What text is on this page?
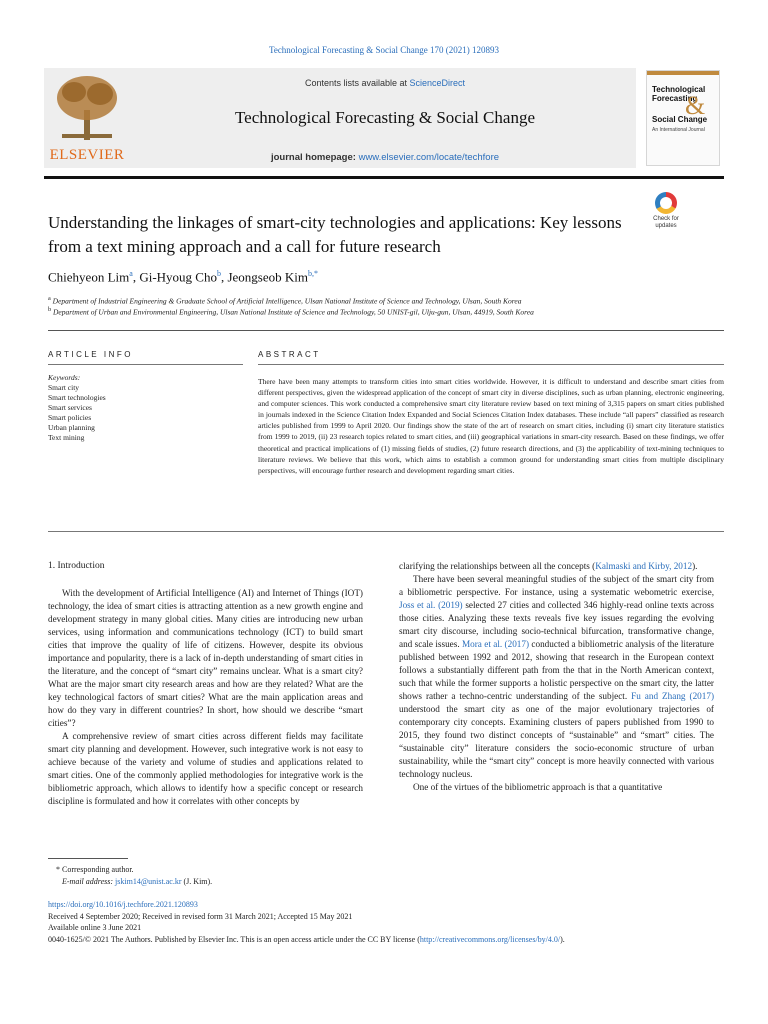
Technological Forecasting & Social Change 170 (2021) 120893
ELSEVIER
Contents lists available at ScienceDirect
Technological Forecasting & Social Change
journal homepage: www.elsevier.com/locate/techfore
Technological
Forecasting
&
Social Change
An International Journal
Understanding the linkages of smart-city technologies and applications: Key lessons from a text mining approach and a call for future research
Check for updates
Chiehyeon Lim$^a$, Gi-Hyoug Cho$^b$, Jeongseob Kim$^{b,*}$
$^a$ Department of Industrial Engineering & Graduate School of Artificial Intelligence, Ulsan National Institute of Science and Technology, Ulsan, South Korea
$^b$ Department of Urban and Environmental Engineering, Ulsan National Institute of Science and Technology, 50 UNIST-gil, Ulju-gun, Ulsan, 44919, South Korea
ARTICLE INFO	ABSTRACT
Keywords:
Smart city
Smart technologies
Smart services
Smart policies
Urban planning
Text mining
There have been many attempts to transform cities into smart cities worldwide. However, it is difficult to understand and describe smart cities from different perspectives, given the widespread application of the concept of smart city in diverse disciplines, such as urban planning, electronic engineering, and computer sciences. This work conducted a comprehensive smart city literature review based on text mining of 3,315 papers on smart cities published in journals indexed in the Science Citation Index Expanded and Social Sciences Citation Index databases. These include “all papers” classified as research articles published from 1999 to April 2020. Our findings show the state of the art of research on smart cities, including (i) smart city literature statistics from 1999 to 2019, (ii) 23 research topics related to smart cities, and (iii) geographical variations in smart-city research. Based on these findings, we offer theoretical and practical implications of (1) missing fields of studies, (2) future research directions, and (3) the applicability of text-mining techniques to literature reviews. We believe that this work, which aims to establish a common ground for understanding smart cities from multiple disciplinary perspectives, will encourage further research and development regarding smart cities.

1. Introduction

With the development of Artificial Intelligence (AI) and Internet of Things (IOT) technology, the idea of smart cities is attracting attention as a new growth engine and development strategy in many global cities. Many cities are introducing new urban services, using information and communications technology (ICT) to build smart cities that improve the quality of life of citizens. However, despite its obvious importance and popularity, there is a lack of in-depth understanding of smart cities in the literature, and the concept of “smart city” remains unclear. What is a smart city? What are the major smart city research areas and how are they related? What are the key technological factors of smart cities? What are the main application areas and how do they vary in different countries? In short, how should we describe “smart cities”?

A comprehensive review of smart cities across different fields may facilitate smart city planning and development. However, such integrative work is not easy to achieve because of the variety and volume of studies and applications related to smart cities. One of the commonly applied methodologies for integrative work is the bibliometric approach, which allows to identify how a specific concept or research discipline is formulated and how it correlates with other concepts by

clarifying the relationships between all the concepts (Kalmaski and Kirby, 2012).

There have been several meaningful studies of the subject of the smart city from a bibliometric perspective. For instance, using a systematic webometric exercise, Joss et al. (2019) selected 27 cities and collected 346 highly-read online texts across those cities. Analyzing these texts reveals five key issues regarding the evolving smart city discourse, including socio-technical bifurcation, transformative change, and scale issues. Mora et al. (2017) conducted a bibliometric analysis of the literature published between 1992 and 2012, showing that research in the European context follows a substantially different path from the that in the North American context, such that while the former supports a holistic perspective on the smart city, the latter shows rather a techno-centric understanding of the subject. Fu and Zhang (2017) understood the smart city as one of the major evolutionary trajectories of contemporary city concepts. Examining clusters of papers published from 1990 to 2015, they found two distinct concepts of “sustainable” and “smart” cities. The “sustainable city” literature considers the socio-economic structure of urban sustainability, while the “smart city” concept is more heavily connected with various technology nucleus.

One of the virtues of the bibliometric approach is that a quantitative

* Corresponding author.
E-mail address: jskim14@unist.ac.kr (J. Kim).
https://doi.org/10.1016/j.techfore.2021.120893
Received 4 September 2020; Received in revised form 31 March 2021; Accepted 15 May 2021
Available online 3 June 2021
0040-1625/© 2021 The Authors. Published by Elsevier Inc. This is an open access article under the CC BY license (http://creativecommons.org/licenses/by/4.0/).
